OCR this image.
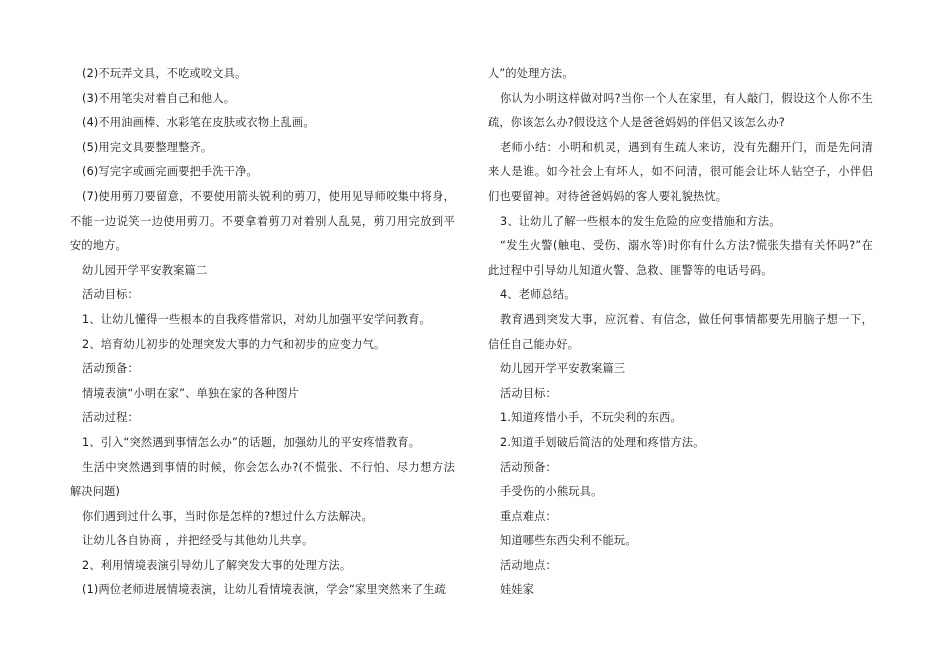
(2)不玩弄文具，不吃或咬文具。

(3)不用笔尖对着自己和他人。

(4)不用油画棒、水彩笔在皮肤或衣物上乱画。

(5)用完文具要整理整齐。

(6)写完字或画完画要把手洗干净。

(7)使用剪刀要留意，不要使用箭头锐利的剪刀，使用见导师咬集中将身，不能一边说笑一边使用剪刀。不要拿着剪刀对着别人乱晃，剪刀用完放到平安的地方。

幼儿园开学平安教案篇二

活动目标：

1、让幼儿懂得一些根本的自我疼惜常识，对幼儿加强平安学问教育。

2、培育幼儿初步的处理突发大事的力气和初步的应变力气。

活动预备：

情境表演“小明在家”、单独在家的各种图片

活动过程：

1、引入“突然遇到事情怎么办”的话题，加强幼儿的平安疼惜教育。

生活中突然遇到事情的时候，你会怎么办?(不慌张、不行怕、尽力想方法解决问题)

你们遇到过什么事，当时你是怎样的?想过什么方法解决。

让幼儿各自协商 ，并把经受与其他幼儿共享。

2、利用情境表演引导幼儿了解突发大事的处理方法。

(1)两位老师进展情境表演，让幼儿看情境表演，学会“家里突然来了生疏

人”的处理方法。

你认为小明这样做对吗?当你一个人在家里，有人敲门，假设这个人你不生疏，你该怎么办?假设这个人是爸爸妈妈的伴侣又该怎么办?

老师小结：小明和机灵，遇到有生疏人来访，没有先翻开门，而是先问清来人是谁。如今社会上有坏人，如不问清，很可能会让坏人钻空子，小伴侣们也要留神。对待爸爸妈妈的客人要礼貌热忱。

3、让幼儿了解一些根本的发生危险的应变措施和方法。

“发生火警(触电、受伤、溺水等)时你有什么方法?慌张失措有关怀吗?”在此过程中引导幼儿知道火警、急救、匪警等的电话号码。

4、老师总结。

教育遇到突发大事，应沉着、有信念，做任何事情都要先用脑子想一下，信任自己能办好。

幼儿园开学平安教案篇三

活动目标：

1.知道疼惜小手，不玩尖利的东西。

2.知道手划破后简洁的处理和疼惜方法。

活动预备：

手受伤的小熊玩具。

重点难点：

知道哪些东西尖利不能玩。

活动地点：

娃娃家
